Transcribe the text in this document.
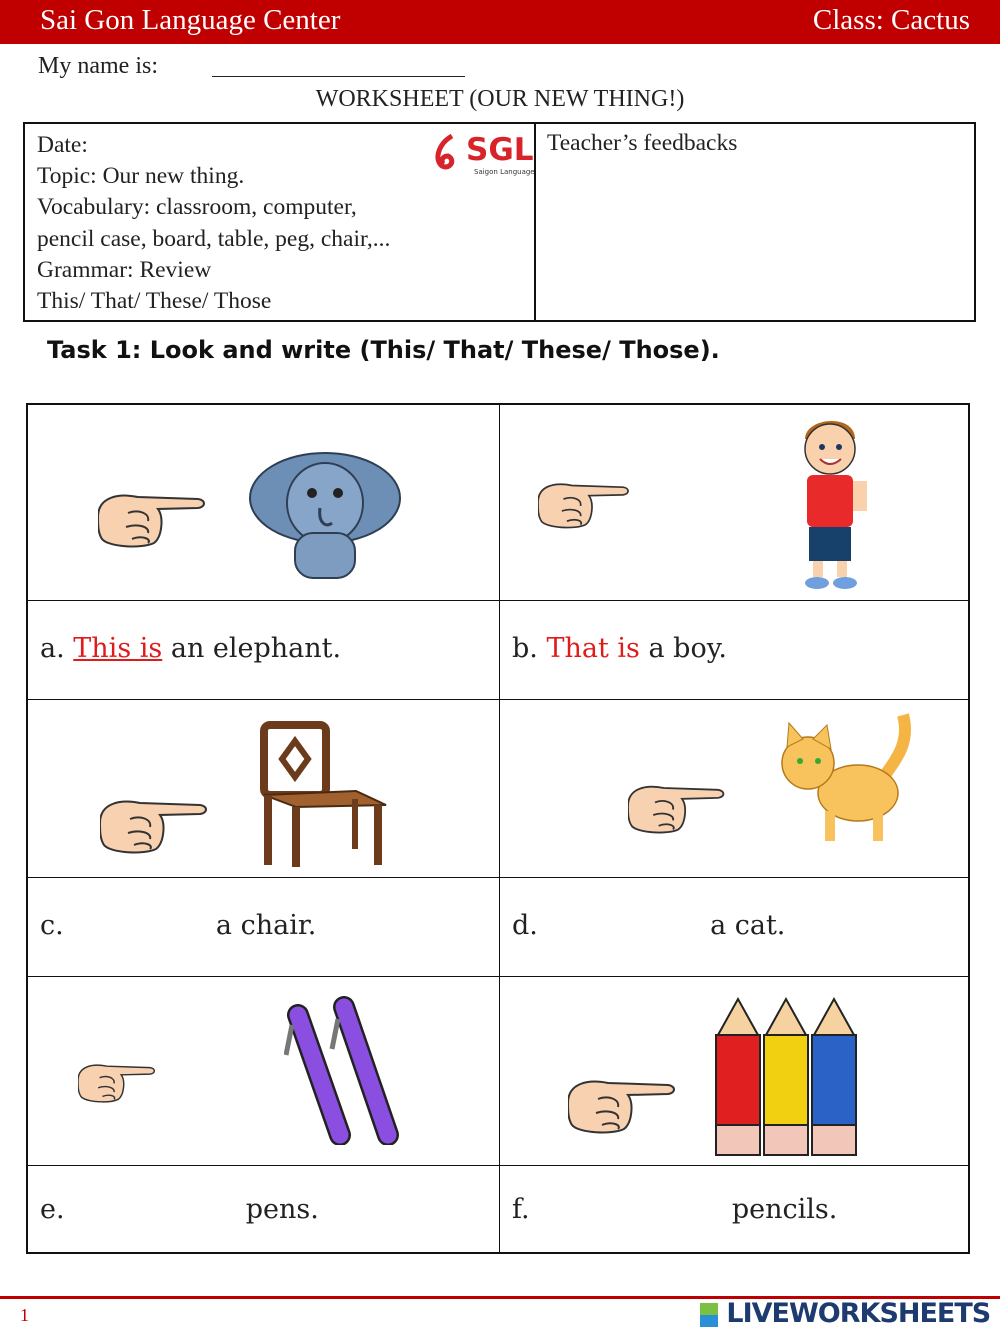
Sai Gon Language Center	Class: Cactus
My name is:
WORKSHEET (OUR NEW THING!)
Date:
Topic: Our new thing.
Vocabulary: classroom, computer,
pencil case, board, table, peg, chair,...
Grammar: Review
This/ That/ These/ Those
SGL
Saigon Language
Teacher’s feedbacks
Task 1: Look and write (This/ That/ These/ Those).
a. This is an elephant.	b. That is a boy.
c.	a chair.	d.	a cat.
e.	pens.	f.	pencils.
1	LIVEWORKSHEETS
